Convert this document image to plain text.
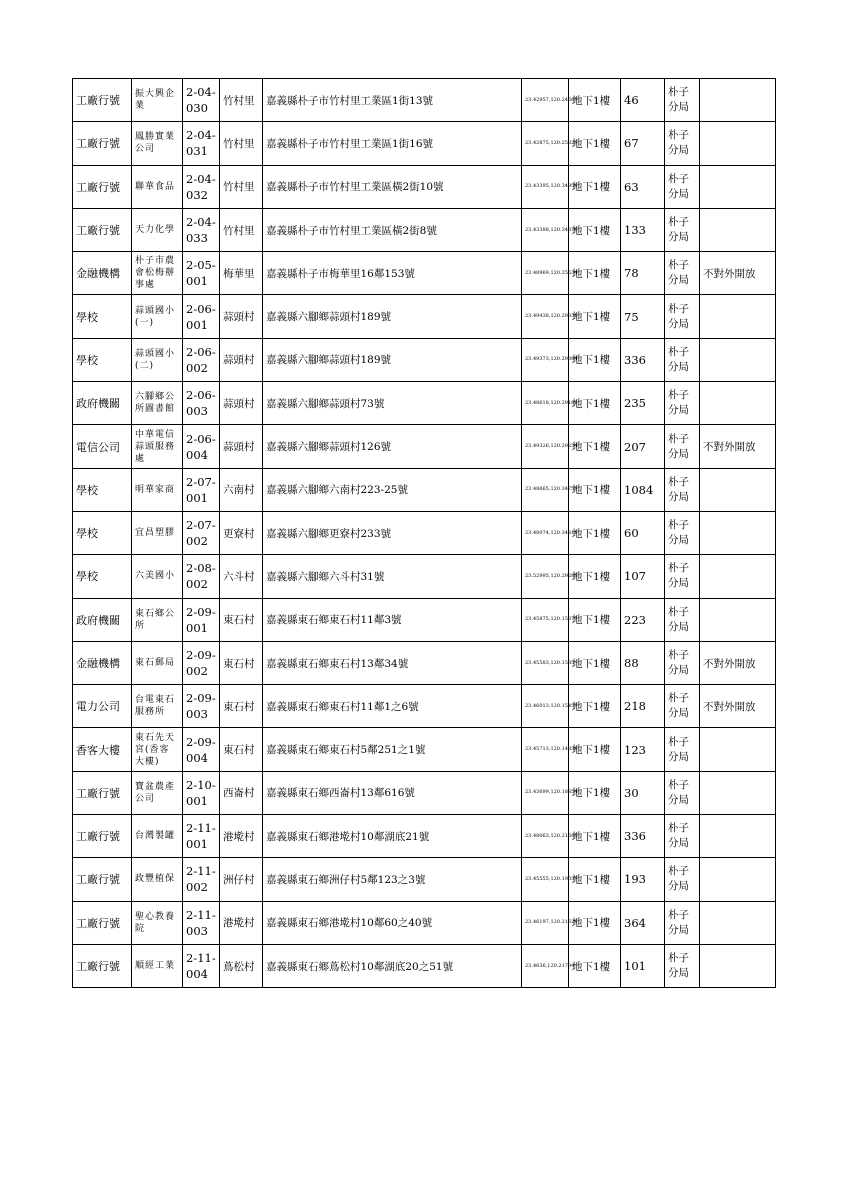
工廠行號	振大興企業	2-04-030	竹村里	嘉義縣朴子市竹村里工業區1街13號	23.42957,120.24687	地下1樓	46	朴子分局	
工廠行號	鳳勝實業公司	2-04-031	竹村里	嘉義縣朴子市竹村里工業區1街16號	23.42875,120.25823	地下1樓	67	朴子分局	
工廠行號	聯華食品	2-04-032	竹村里	嘉義縣朴子市竹村里工業區橫2街10號	23.43395,120.34958	地下1樓	63	朴子分局	
工廠行號	天力化學	2-04-033	竹村里	嘉義縣朴子市竹村里工業區橫2街8號	23.43388,120.34876	地下1樓	133	朴子分局	
金融機構	朴子市農會松梅辦事處	2-05-001	梅華里	嘉義縣朴子市梅華里16鄰153號	23.48969,120.25534	地下1樓	78	朴子分局	不對外開放
學校	蒜頭國小(一)	2-06-001	蒜頭村	嘉義縣六腳鄉蒜頭村189號	23.49438,120.29331	地下1樓	75	朴子分局	
學校	蒜頭國小(二)	2-06-002	蒜頭村	嘉義縣六腳鄉蒜頭村189號	23.49373,120.29384	地下1樓	336	朴子分局	
政府機關	六腳鄉公所圖書館	2-06-003	蒜頭村	嘉義縣六腳鄉蒜頭村73號	23.48618,120.29182	地下1樓	235	朴子分局	
電信公司	中華電信蒜頭服務處	2-06-004	蒜頭村	嘉義縣六腳鄉蒜頭村126號	23.49326,120.29234	地下1樓	207	朴子分局	不對外開放
學校	明華家商	2-07-001	六南村	嘉義縣六腳鄉六南村223-25號	23.48665,120.34753	地下1樓	1084	朴子分局	
學校	宜昌塑膠	2-07-002	更寮村	嘉義縣六腳鄉更寮村233號	23.48074,120.34811	地下1樓	60	朴子分局	
學校	六美國小	2-08-002	六斗村	嘉義縣六腳鄉六斗村31號	23.52995,120.29285	地下1樓	107	朴子分局	
政府機關	東石鄉公所	2-09-001	東石村	嘉義縣東石鄉東石村11鄰3號	23.45875,120.15377	地下1樓	223	朴子分局	
金融機構	東石郵局	2-09-002	東石村	嘉義縣東石鄉東石村13鄰34號	23.45583,120.1585	地下1樓	88	朴子分局	不對外開放
電力公司	台電東石服務所	2-09-003	東石村	嘉義縣東石鄉東石村11鄰1之6號	23.46013,120.15457	地下1樓	218	朴子分局	不對外開放
香客大樓	東石先天宮(香客大樓)	2-09-004	東石村	嘉義縣東石鄉東石村5鄰251之1號	23.45713,120.14838	地下1樓	123	朴子分局	
工廠行號	寶盆農產公司	2-10-001	西崙村	嘉義縣東石鄉西崙村13鄰616號	23.43699,120.18854	地下1樓	30	朴子分局	
工廠行號	台灣製罐	2-11-001	港墘村	嘉義縣東石鄉港墘村10鄰湖底21號	23.48063,120.21685	地下1樓	336	朴子分局	
工廠行號	政豐植保	2-11-002	洲仔村	嘉義縣東石鄉洲仔村5鄰123之3號	23.45555,120.19037	地下1樓	193	朴子分局	
工廠行號	聖心教養院	2-11-003	港墘村	嘉義縣東石鄉港墘村10鄰60之40號	23.46197,120.21629	地下1樓	364	朴子分局	
工廠行號	順經工業	2-11-004	蔦松村	嘉義縣東石鄉蔦松村10鄰湖底20之51號	23.4636,120.21794	地下1樓	101	朴子分局	
